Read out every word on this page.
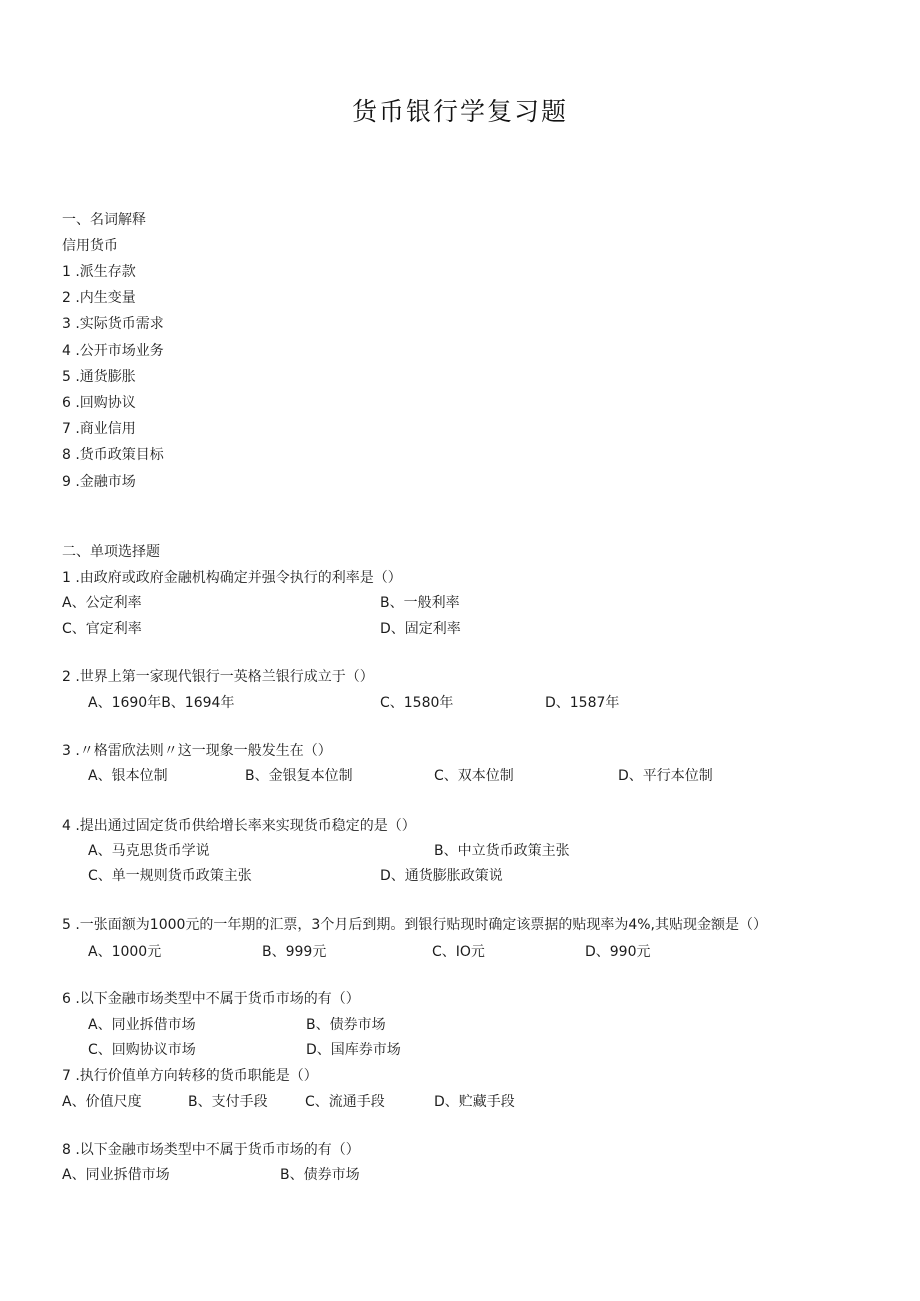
货币银行学复习题
一、名词解释
信用货币
1 .派生存款
2 .内生变量
3 .实际货币需求
4 .公开市场业务
5 .通货膨胀
6 .回购协议
7 .商业信用
8 .货币政策目标
9 .金融市场
二、单项选择题
1 .由政府或政府金融机构确定并强令执行的利率是（）
A、公定利率	B、一般利率
C、官定利率	D、固定利率
2 .世界上第一家现代银行一英格兰银行成立于（）
A、1690年B、1694年	C、1580年	D、1587年
3 .〃格雷欣法则〃这一现象一般发生在（）
A、银本位制	B、金银复本位制	C、双本位制	D、平行本位制
4 .提出通过固定货币供给增长率来实现货币稳定的是（）
A、马克思货币学说	B、中立货币政策主张
C、单一规则货币政策主张	D、通货膨胀政策说
5 .一张面额为1000元的一年期的汇票，3个月后到期。到银行贴现时确定该票据的贴现率为4%,其贴现金额是（）
A、1000元	B、999元	C、IO元	D、990元
6 .以下金融市场类型中不属于货币市场的有（）
A、同业拆借市场	B、债券市场
C、回购协议市场	D、国库券市场
7 .执行价值单方向转移的货币职能是（）
A、价值尺度	B、支付手段	C、流通手段	D、贮藏手段
8 .以下金融市场类型中不属于货币市场的有（）
A、同业拆借市场	B、债券市场
